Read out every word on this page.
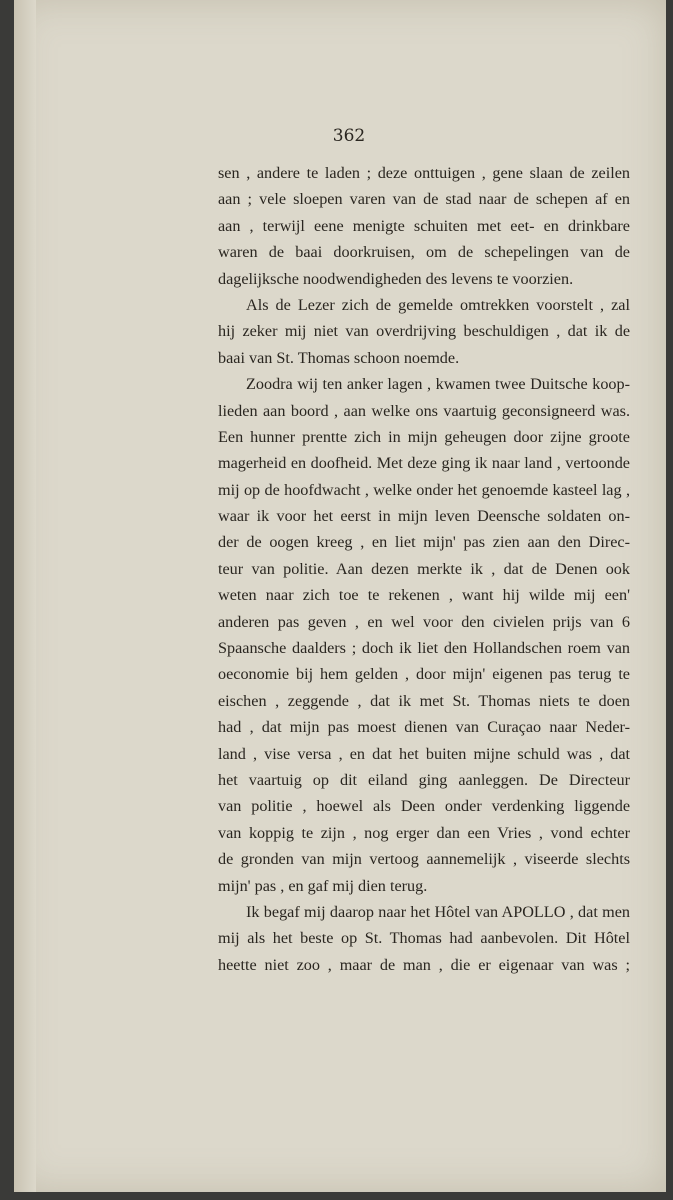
362
sen , andere te laden ; deze onttuigen , gene slaan de zeilen
aan ; vele sloepen varen van de stad naar de schepen af en
aan , terwijl eene menigte schuiten met eet- en drinkbare
waren de baai doorkruisen, om de schepelingen van de
dagelijksche noodwendigheden des levens te voorzien.
Als de Lezer zich de gemelde omtrekken voorstelt , zal
hij zeker mij niet van overdrijving beschuldigen , dat ik de
baai van St. Thomas schoon noemde.
Zoodra wij ten anker lagen , kwamen twee Duitsche koop-
lieden aan boord , aan welke ons vaartuig geconsigneerd was.
Een hunner prentte zich in mijn geheugen door zijne groote
magerheid en doofheid. Met deze ging ik naar land , vertoonde
mij op de hoofdwacht , welke onder het genoemde kasteel lag ,
waar ik voor het eerst in mijn leven Deensche soldaten on-
der de oogen kreeg , en liet mijn' pas zien aan den Direc-
teur van politie. Aan dezen merkte ik , dat de Denen ook
weten naar zich toe te rekenen , want hij wilde mij een'
anderen pas geven , en wel voor den civielen prijs van 6
Spaansche daalders ; doch ik liet den Hollandschen roem van
oeconomie bij hem gelden , door mijn' eigenen pas terug te
eischen , zeggende , dat ik met St. Thomas niets te doen
had , dat mijn pas moest dienen van Curaçao naar Neder-
land , vise versa , en dat het buiten mijne schuld was , dat
het vaartuig op dit eiland ging aanleggen. De Directeur
van politie , hoewel als Deen onder verdenking liggende
van koppig te zijn , nog erger dan een Vries , vond echter
de gronden van mijn vertoog aannemelijk , viseerde slechts
mijn' pas , en gaf mij dien terug.
Ik begaf mij daarop naar het Hôtel van APOLLO , dat men
mij als het beste op St. Thomas had aanbevolen. Dit Hôtel
heette niet zoo , maar de man , die er eigenaar van was ;
